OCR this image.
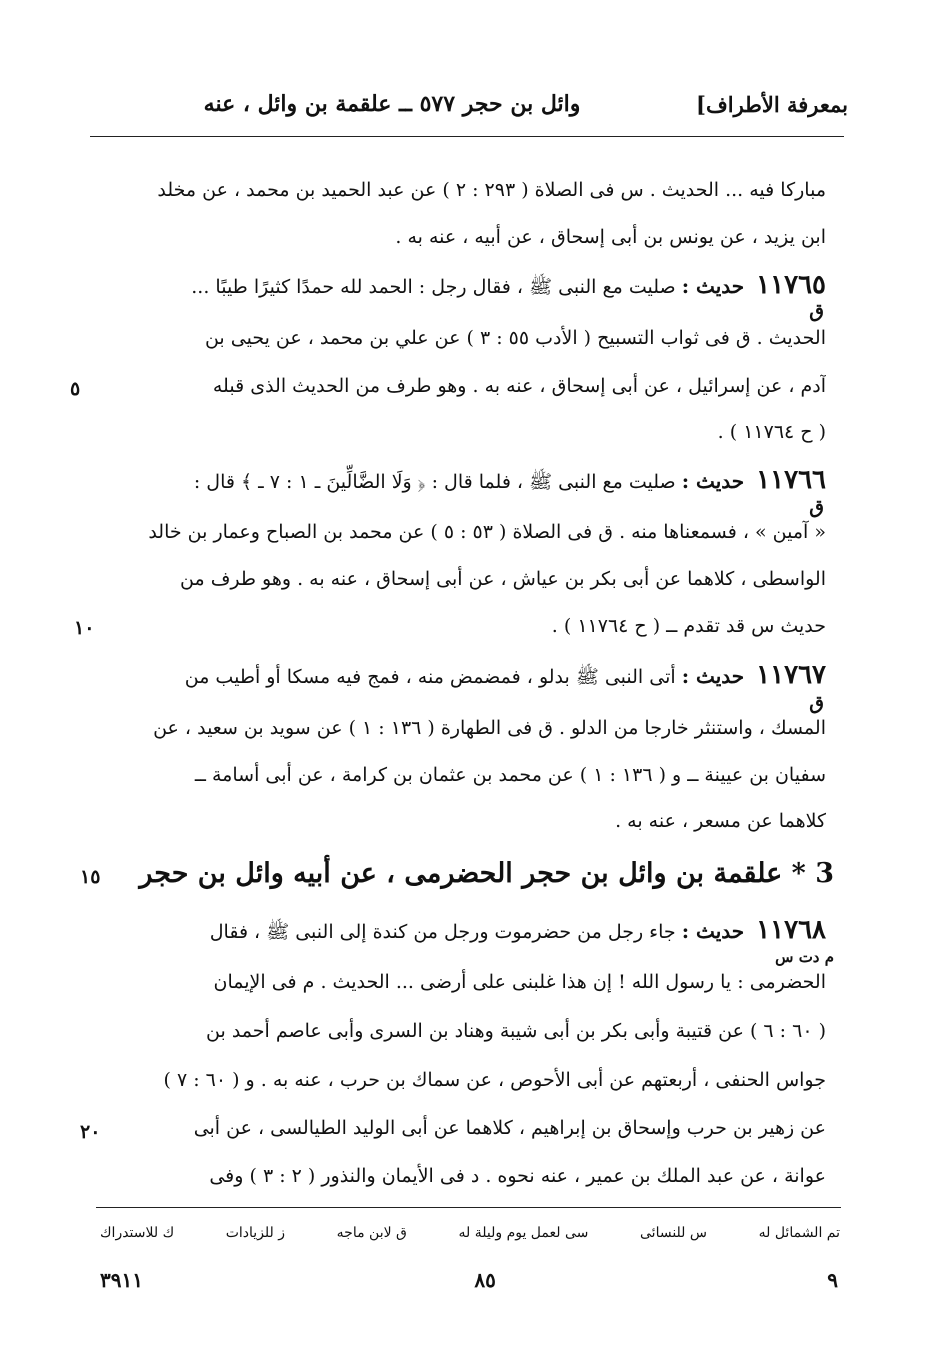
بمعرفة الأطراف]
وائل بن حجر ٥٧٧ ــ علقمة بن وائل ، عنه
مباركا فيه ... الحديث . س فى الصلاة ( ٢٩٣ : ٢ ) عن عبد الحميد بن محمد ، عن مخلد
ابن يزيد ، عن يونس بن أبى إسحاق ، عن أبيه ، عنه به .
١١٧٦٥ حديث : صليت مع النبى ﷺ ، فقال رجل : الحمد لله حمدًا كثيرًا طيبًا ...
ق
الحديث . ق فى ثواب التسبيح ( الأدب ٥٥ : ٣ ) عن علي بن محمد ، عن يحيى بن
آدم ، عن إسرائيل ، عن أبى إسحاق ، عنه به . وهو طرف من الحديث الذى قبله
( ح ١١٧٦٤ ) .
١١٧٦٦ حديث : صليت مع النبى ﷺ ، فلما قال : ﴿ وَلَا الضَّالِّينَ ـ ١ : ٧ ـ ﴾ قال :
ق
« آمين » ، فسمعناها منه . ق فى الصلاة ( ٥٣ : ٥ ) عن محمد بن الصباح وعمار بن خالد
الواسطى ، كلاهما عن أبى بكر بن عياش ، عن أبى إسحاق ، عنه به . وهو طرف من
حديث س قد تقدم ــ ( ح ١١٧٦٤ ) .
١١٧٦٧ حديث : أتى النبى ﷺ بدلو ، فمضمض منه ، فمج فيه مسكا أو أطيب من
ق
المسك ، واستنثر خارجا من الدلو . ق فى الطهارة ( ١٣٦ : ١ ) عن سويد بن سعيد ، عن
سفيان بن عيينة ــ و ( ١٣٦ : ١ ) عن محمد بن عثمان بن كرامة ، عن أبى أسامة ــ
كلاهما عن مسعر ، عنه به .
3 * علقمة بن وائل بن حجر الحضرمى ، عن أبيه وائل بن حجر
١١٧٦٨ حديث : جاء رجل من حضرموت ورجل من كندة إلى النبى ﷺ ، فقال
م دت س
الحضرمى : يا رسول الله ! إن هذا غلبنى على أرضى ... الحديث . م فى الإيمان
( ٦٠ : ٦ ) عن قتيبة وأبى بكر بن أبى شيبة وهناد بن السرى وأبى عاصم أحمد بن
جواس الحنفى ، أربعتهم عن أبى الأحوص ، عن سماك بن حرب ، عنه به . و ( ٦٠ : ٧ )
عن زهير بن حرب وإسحاق بن إبراهيم ، كلاهما عن أبى الوليد الطيالسى ، عن أبى
عوانة ، عن عبد الملك بن عمير ، عنه نحوه . د فى الأيمان والنذور ( ٢ : ٣ ) وفى
٥
١٠
١٥
٢٠
تم الشمائل له
س للنسائى
سى لعمل يوم وليلة له
ق لابن ماجه
ز للزيادات
ك للاستدراك
٩
٨٥
٣٩١١
